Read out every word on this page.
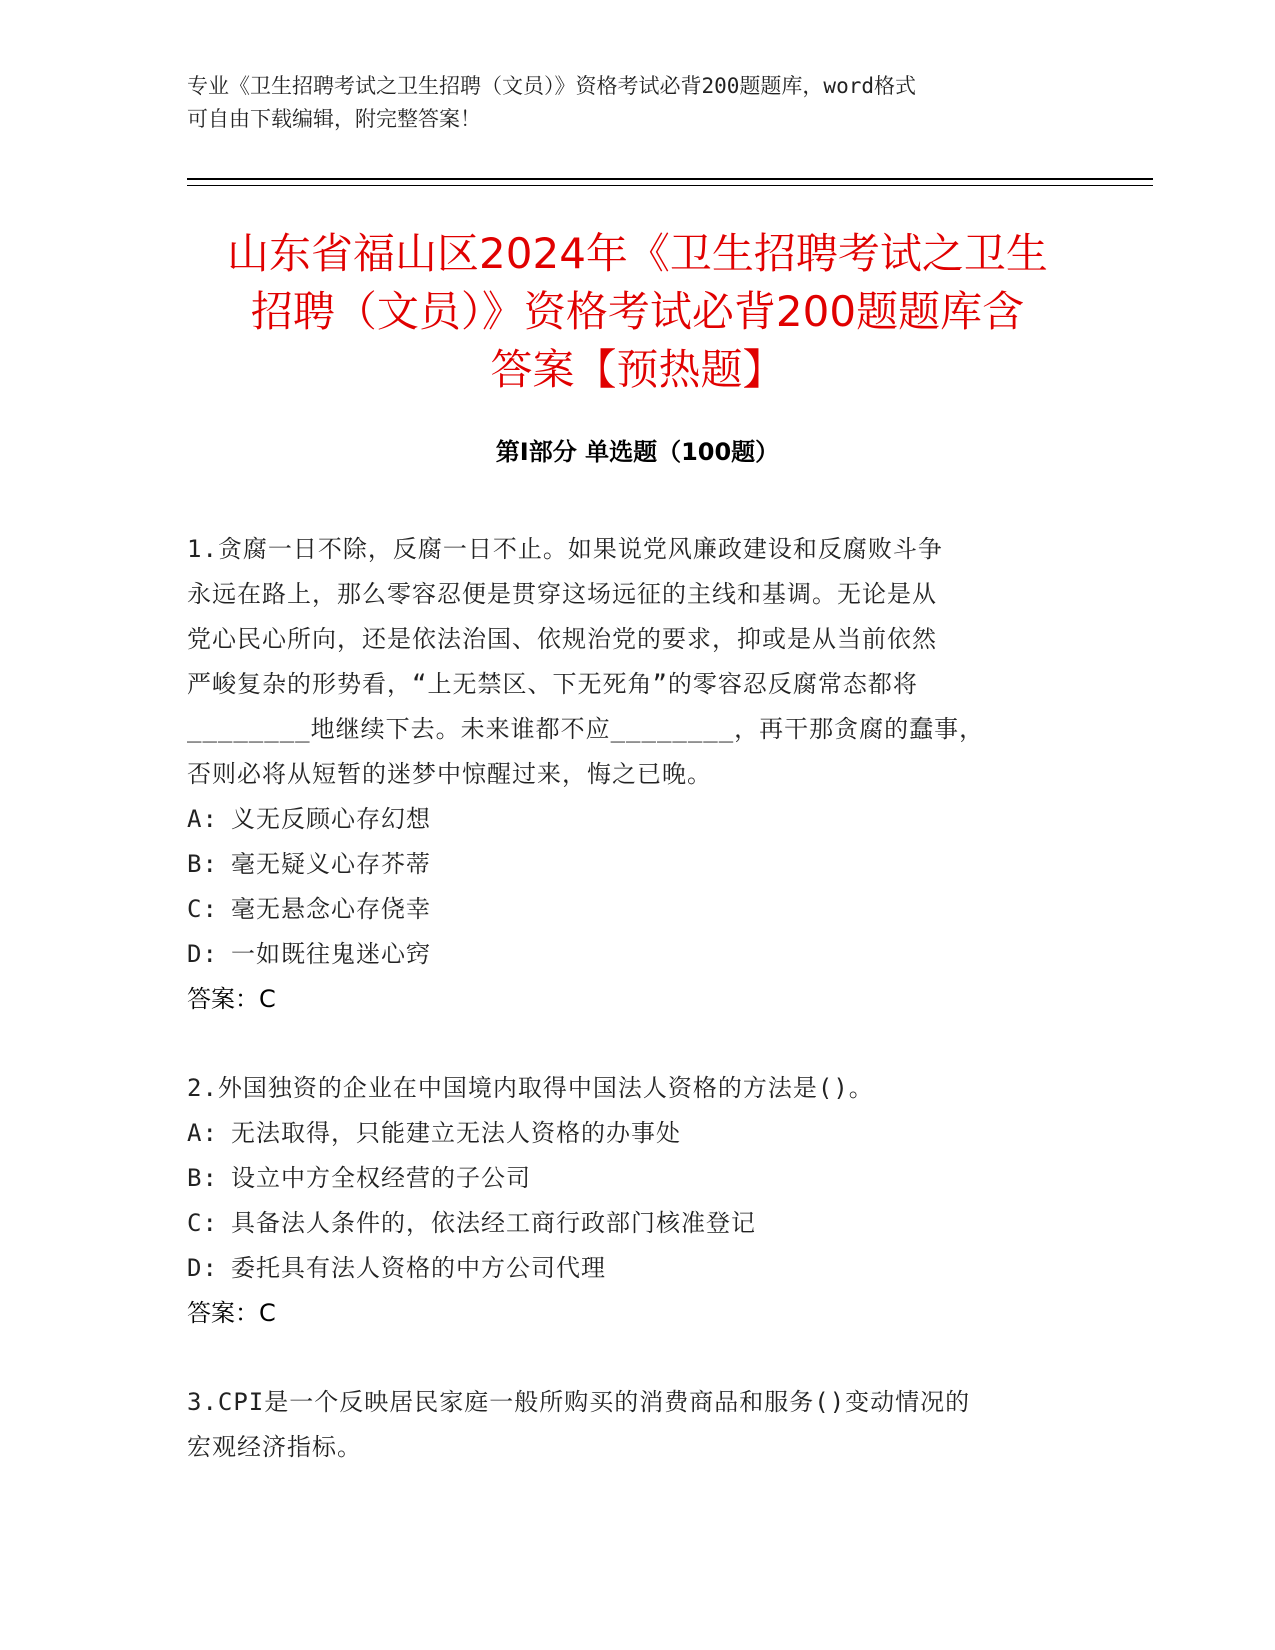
专业《卫生招聘考试之卫生招聘（文员）》资格考试必背200题题库，word格式
可自由下载编辑，附完整答案！
山东省福山区2024年《卫生招聘考试之卫生
招聘（文员）》资格考试必背200题题库含
答案【预热题】
第Ⅰ部分 单选题（100题）

1.贪腐一日不除，反腐一日不止。如果说党风廉政建设和反腐败斗争

永远在路上，那么零容忍便是贯穿这场远征的主线和基调。无论是从

党心民心所向，还是依法治国、依规治党的要求，抑或是从当前依然

严峻复杂的形势看，“上无禁区、下无死角”的零容忍反腐常态都将

________地继续下去。未来谁都不应________，再干那贪腐的蠢事，

否则必将从短暂的迷梦中惊醒过来，悔之已晚。

A: 义无反顾心存幻想

B: 毫无疑义心存芥蒂

C: 毫无悬念心存侥幸

D: 一如既往鬼迷心窍

答案：C

2.外国独资的企业在中国境内取得中国法人资格的方法是()。

A: 无法取得，只能建立无法人资格的办事处

B: 设立中方全权经营的子公司

C: 具备法人条件的，依法经工商行政部门核准登记

D: 委托具有法人资格的中方公司代理

答案：C

3.CPI是一个反映居民家庭一般所购买的消费商品和服务()变动情况的

宏观经济指标。
